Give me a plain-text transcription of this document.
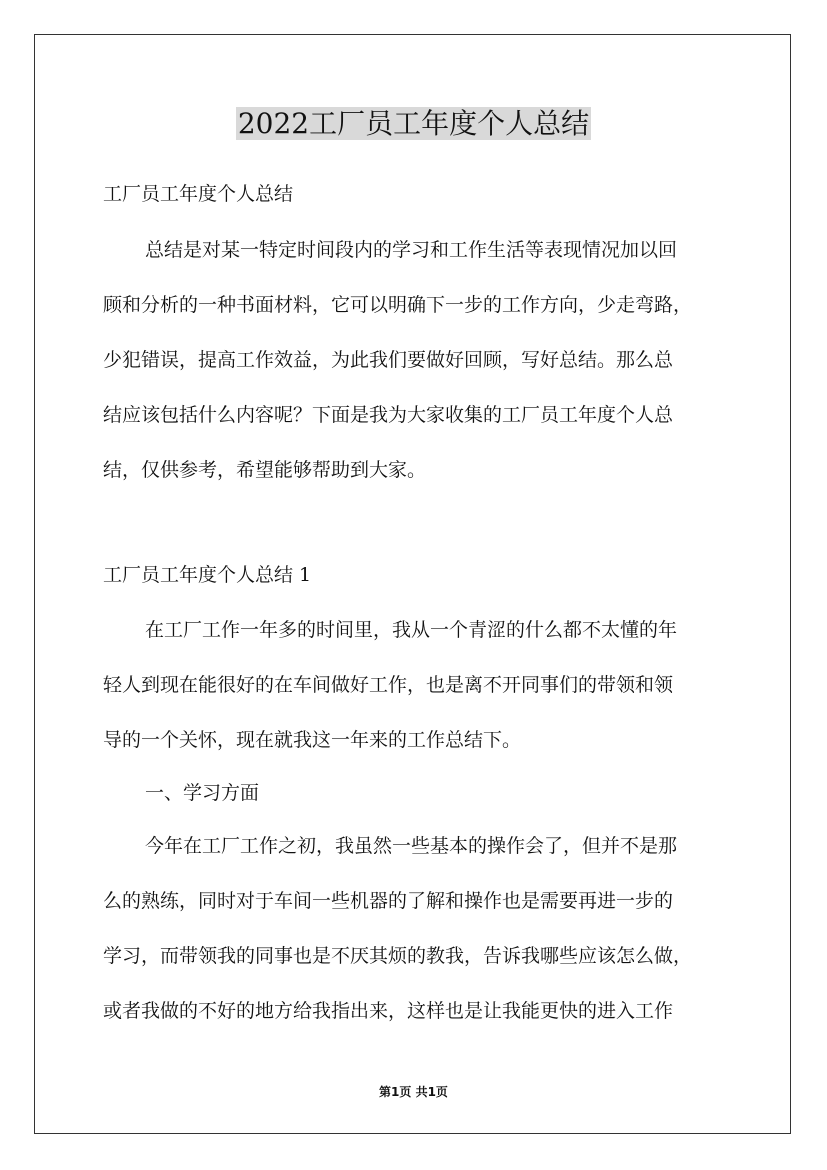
2022工厂员工年度个人总结
工厂员工年度个人总结
总结是对某一特定时间段内的学习和工作生活等表现情况加以回
顾和分析的一种书面材料，它可以明确下一步的工作方向，少走弯路，
少犯错误，提高工作效益，为此我们要做好回顾，写好总结。那么总
结应该包括什么内容呢？下面是我为大家收集的工厂员工年度个人总
结，仅供参考，希望能够帮助到大家。
工厂员工年度个人总结 1
在工厂工作一年多的时间里，我从一个青涩的什么都不太懂的年
轻人到现在能很好的在车间做好工作，也是离不开同事们的带领和领
导的一个关怀，现在就我这一年来的工作总结下。
一、学习方面
今年在工厂工作之初，我虽然一些基本的操作会了，但并不是那
么的熟练，同时对于车间一些机器的了解和操作也是需要再进一步的
学习，而带领我的同事也是不厌其烦的教我，告诉我哪些应该怎么做，
或者我做的不好的地方给我指出来，这样也是让我能更快的进入工作
第1页 共1页
